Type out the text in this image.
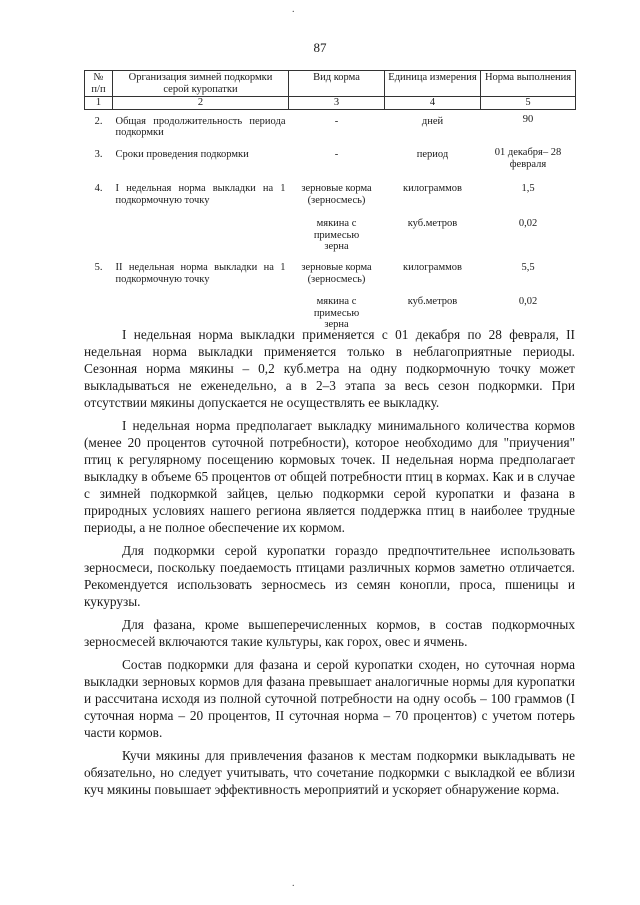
.
.
87
№ п/п	Организация зимней подкормки серой куропатки	Вид корма	Единица измерения	Норма выполнения
1	2	3	4	5
2.	Общая продолжительность периода подкормки	-	дней	90
3.	Сроки проведения подкормки	-	период	01 декабря– 28 февраля
4.	I недельная норма выкладки на 1 подкормочную точку	зерновые корма (зерносмесь)	килограммов	1,5
		мякина с примесью зерна	куб.метров	0,02
5.	II недельная норма выкладки на 1 подкормочную точку	зерновые корма (зерносмесь)	килограммов	5,5
		мякина с примесью зерна	куб.метров	0,02

I недельная норма выкладки применяется с 01 декабря по 28 февраля, II недельная норма выкладки применяется только в неблагоприятные периоды. Сезонная норма мякины – 0,2 куб.метра на одну подкормочную точку может выкладываться не еженедельно, а в 2–3 этапа за весь сезон подкормки. При отсутствии мякины допускается не осуществлять ее выкладку.

I недельная норма предполагает выкладку минимального количества кормов (менее 20 процентов суточной потребности), которое необходимо для "приучения" птиц к регулярному посещению кормовых точек. II недельная норма предполагает выкладку в объеме 65 процентов от общей потребности птиц в кормах. Как и в случае с зимней подкормкой зайцев, целью подкормки серой куропатки и фазана в природных условиях нашего региона является поддержка птиц в наиболее трудные периоды, а не полное обеспечение их кормом.

Для подкормки серой куропатки гораздо предпочтительнее использовать зерносмеси, поскольку поедаемость птицами различных кормов заметно отличается. Рекомендуется использовать зерносмесь из семян конопли, проса, пшеницы и кукурузы.

Для фазана, кроме вышеперечисленных кормов, в состав подкормочных зерносмесей включаются такие культуры, как горох, овес и ячмень.

Состав подкормки для фазана и серой куропатки сходен, но суточная норма выкладки зерновых кормов для фазана превышает аналогичные нормы для куропатки и рассчитана исходя из полной суточной потребности на одну особь – 100 граммов (I суточная норма – 20 процентов, II суточная норма – 70 процентов) с учетом потерь части кормов.

Кучи мякины для привлечения фазанов к местам подкормки выкладывать не обязательно, но следует учитывать, что сочетание подкормки с выкладкой ее вблизи куч мякины повышает эффективность мероприятий и ускоряет обнаружение корма.
